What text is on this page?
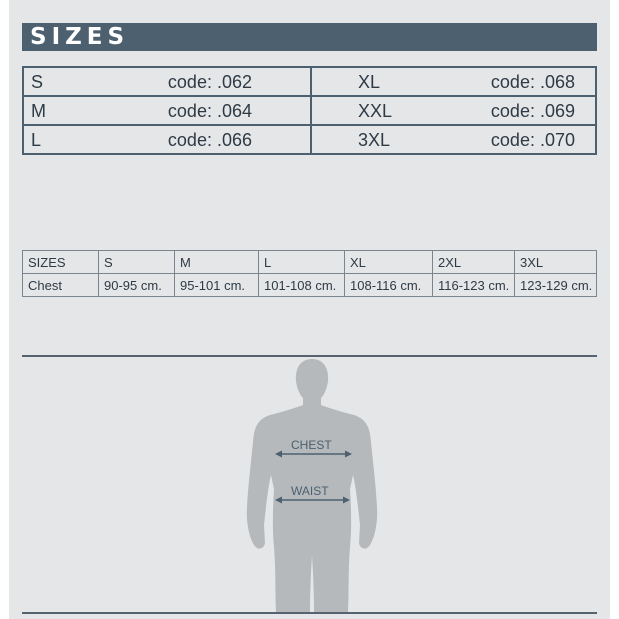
SIZES
S code: .062	XL code: .068

M code: .064	XXL code: .069

L code: .066	3XL code: .070
SIZES	S	M	L	XL	2XL	3XL
Chest	90-95 cm.	95-101 cm.	101-108 cm.	108-116 cm.	116-123 cm.	123-129 cm.
CHEST
WAIST
